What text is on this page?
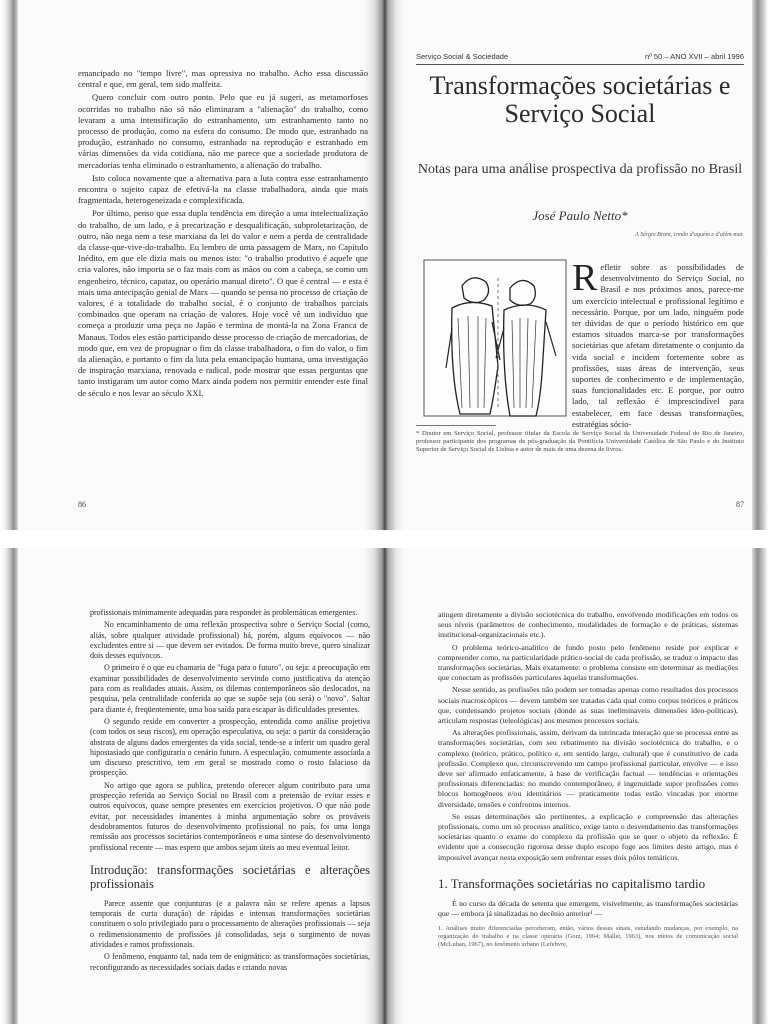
emancipado no "tempo livre", mas opressiva no trabalho. Acho essa discussão central e que, em geral, tem sido malfeita.

Quero concluir com outro ponto. Pelo que eu já sugeri, as metamorfoses ocorridas no trabalho não só não eliminaram a "alienação" do trabalho, como levaram a uma intensificação do estranhamento, um estranhamento tanto no processo de produção, como na esfera do consumo. De modo que, estranhado na produção, estranhado no consumo, estranhado na reprodução e estranhado em várias dimensões da vida cotidiana, não me parece que a sociedade produtora de mercadorias tenha eliminado o estranhamento, a alienação do trabalho.

Isto coloca novamente que a alternativa para a luta contra esse estranhamento encontra o sujeito capaz de efetivá-la na classe trabalhadora, ainda que mais fragmentada, heterogeneizada e complexificada.

Por último, penso que essa dupla tendência em direção a uma intelectualização do trabalho, de um lado, e à precarização e desqualificação, subproletarização, de outro, não nega nem a tese marxiana da lei do valor e nem a perda de centralidade da classe-que-vive-do-trabalho. Eu lembro de uma passagem de Marx, no Capítulo Inédito, em que ele dizia mais ou menos isto: "o trabalho produtivo é aquele que cria valores, não importa se o faz mais com as mãos ou com a cabeça, se como um engenheiro, técnico, capataz, ou operário manual direto". O que é central — e esta é mais uma antecipação genial de Marx — quando se pensa no processo de criação de valores, é a totalidade do trabalho social, é o conjunto de trabalhos parciais combinados que operam na criação de valores. Hoje você vê um indivíduo que começa a produzir uma peça no Japão e termina de montá-la na Zona Franca de Manaus. Todos eles estão participando desse processo de criação de mercadorias, de modo que, em vez de propugnar o fim da classe trabalhadora, o fim do valor, o fim da alienação, e portanto o fim da luta pela emancipação humana, uma investigação de inspiração marxiana, renovada e radical, pode mostrar que essas perguntas que tanto instigaram um autor como Marx ainda podem nos permitir entender este final de século e nos levar ao século XXI.

86
Serviço Social & Sociedade	nº 50 – ANO XVII – abril 1996
Transformações societárias e Serviço Social
Notas para uma análise prospectiva da profissão no Brasil
José Paulo Netto*
A Sérgio Brant, irmão d'aquém e d'além-mar.
R efletir sobre as possibilidades de desenvolvimento do Serviço Social, no Brasil e nos próximos anos, parece-me um exercício intelectual e profissional legítimo e necessário. Porque, por um lado, ninguém pode ter dúvidas de que o período histórico em que estamos situados marca-se por transformações societárias que afetam diretamente o conjunto da vida social e incidem fortemente sobre as profissões, suas áreas de intervenção, seus suportes de conhecimento e de implementação, suas funcionalidades etc. E porque, por outro lado, tal reflexão é imprescindível para estabelecer, em face dessas transformações, estratégias sócio-
* Doutor em Serviço Social, professor titular da Escola de Serviço Social da Universidade Federal do Rio de Janeiro, professor participante dos programas de pós-graduação da Pontifícia Universidade Católica de São Paulo e do Instituto Superior de Serviço Social de Lisboa e autor de mais de uma dezena de livros.
87

profissionais minimamente adequadas para responder às problemáticas emergentes.

No encaminhamento de uma reflexão prospectiva sobre o Serviço Social (como, aliás, sobre qualquer atividade profissional) há, porém, alguns equívocos — não excludentes entre si — que devem ser evitados. De forma muito breve, quero sinalizar dois desses equívocos.

O primeiro é o que eu chamaria de "fuga para o futuro", ou seja: a preocupação em examinar possibilidades de desenvolvimento servindo como justificativa da atenção para com as realidades atuais. Assim, os dilemas contemporâneos são deslocados, na pesquisa, pela centralidade conferida ao que se supõe seja (ou será) o "novo". Saltar para diante é, freqüentemente, uma boa saída para escapar às dificuldades presentes.

O segundo reside em converter a prospecção, entendida como análise projetiva (com todos os seus riscos), em operação especulativa, ou seja: a partir da consideração abstrata de alguns dados emergentes da vida social, tende-se a inferir um quadro geral hipostasiado que configuraria o cenário futuro. A especulação, comumente associada a um discurso prescritivo, tem em geral se mostrado como o rosto falacioso da prospecção.

No artigo que agora se publica, pretendo oferecer algum contributo para uma prospecção referida ao Serviço Social no Brasil com a pretensão de evitar esses e outros equívocos, quase sempre presentes em exercícios projetivos. O que não pode evitar, por necessidades imanentes à minha argumentação sobre os prováveis desdobramentos futuros do desenvolvimento profissional no país, foi uma longa remissão aos processos societários contemporâneos e uma síntese do desenvolvimento profissional recente — mas espero que ambos sejam úteis ao meu eventual leitor.

Introdução: transformações societárias e alterações profissionais

Parece assente que conjunturas (e a palavra não se refere apenas a lapsos temporais de curta duração) de rápidas e intensas transformações societárias constituem o solo privilegiado para o processamento de alterações profissionais — seja o redimensionamento de profissões já consolidadas, seja o surgimento de novas atividades e ramos profissionais.

O fenômeno, enquanto tal, nada tem de enigmático: as transformações societárias, reconfigurando as necessidades sociais dadas e criando novas

atingem diretamente a divisão sociotécnica do trabalho, envolvendo modificações em todos os seus níveis (parâmetros de conhecimento, modalidades de formação e de práticas, sistemas institucional-organizacionais etc.).

O problema teórico-analítico de fundo posto pelo fenômeno reside por explicar e compreender como, na particularidade prático-social de cada profissão, se traduz o impacto das transformações societárias. Mais exatamente: o problema consiste em determinar as mediações que conectam as profissões particulares àquelas transformações.

Nesse sentido, as profissões não podem ser tomadas apenas como resultados dos processos sociais macroscópicos — devem também ser tratadas cada qual como corpus teóricos e práticos que, condensando projetos sociais (donde as suas ineliminaveis dimensões ídeo-políticas), articulam respostas (teleológicas) aos mesmos processos sociais.

As alterações profissionais, assim, derivam da intrincada interação que se processa entre as transformações societárias, com seu rebatimento na divisão sociotécnica do trabalho, e o complexo (teórico, prático, político e, em sentido largo, cultural) que é constitutivo de cada profissão. Complexo que, circunscrevendo um campo profissional particular, envolve — e isso deve ser afirmado enfaticamente, à base de verificação factual — tendências e orientações profissionais diferenciadas: no mundo contemporâneo, é ingenuidade supor profissões como blocos homogêneos e/ou identitários — praticamente todas estão vincadas por enorme diversidade, tensões e confrontos internos.

Se essas determinações são pertinentes, a explicação e compreensão das alterações profissionais, como um só processo analítico, exige tanto o desvendamento das transformações societárias quanto o exame do complexo da profissão que se quer o objeto da reflexão. É evidente que a consecução rigorosa desse duplo escopo foge aos limites deste artigo, mas é impossível avançar nesta exposição sem enfrentar esses dois pólos temáticos.

1. Transformações societárias no capitalismo tardio

É no curso da década de setenta que emergem, visivelmente, as transformações societárias que — embora já sinalizadas no decênio anterior¹ —

1. Análises muito diferenciadas perceberam, então, vários desses sinais, estudando mudanças, por exemplo, na organização do trabalho e na classe operária (Gorz, 1964; Mallet, 1963), nos meios de comunicação social (McLuhan, 1967), no fenômeno urbano (Lefebvre,
